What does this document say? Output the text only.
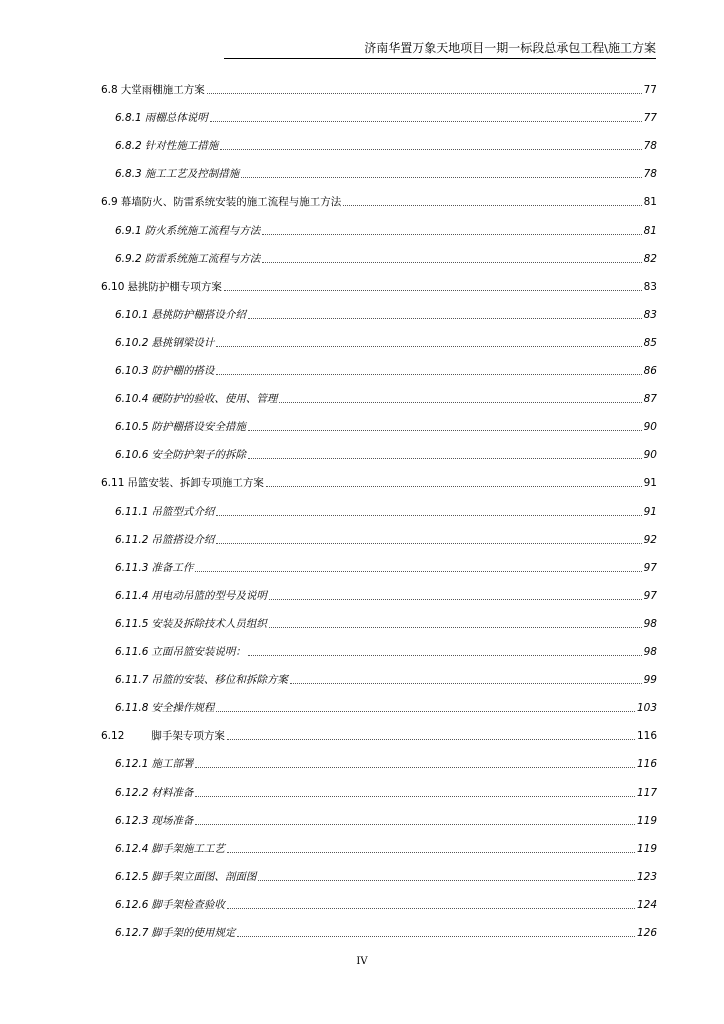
济南华置万象天地项目一期一标段总承包工程\施工方案
6.8 大堂雨棚施工方案	77
6.8.1 雨棚总体说明	77
6.8.2 针对性施工措施	78
6.8.3 施工工艺及控制措施	78
6.9 幕墙防火、防雷系统安装的施工流程与施工方法	81
6.9.1 防火系统施工流程与方法	81
6.9.2 防雷系统施工流程与方法	82
6.10 悬挑防护棚专项方案	83
6.10.1 悬挑防护棚搭设介绍	83
6.10.2 悬挑钢梁设计	85
6.10.3 防护棚的搭设	86
6.10.4 硬防护的验收、使用、管理	87
6.10.5 防护棚搭设安全措施	90
6.10.6 安全防护架子的拆除	90
6.11 吊篮安装、拆卸专项施工方案	91
6.11.1 吊篮型式介绍	91
6.11.2 吊篮搭设介绍	92
6.11.3 准备工作	97
6.11.4 用电动吊篮的型号及说明	97
6.11.5 安装及拆除技术人员组织	98
6.11.6 立面吊篮安装说明：	98
6.11.7 吊篮的安装、移位和拆除方案	99
6.11.8 安全操作规程	103
6.12	脚手架专项方案	116
6.12.1 施工部署	116
6.12.2 材料准备	117
6.12.3 现场准备	119
6.12.4 脚手架施工工艺	119
6.12.5 脚手架立面图、剖面图	123
6.12.6 脚手架检查验收	124
6.12.7 脚手架的使用规定	126
IV
